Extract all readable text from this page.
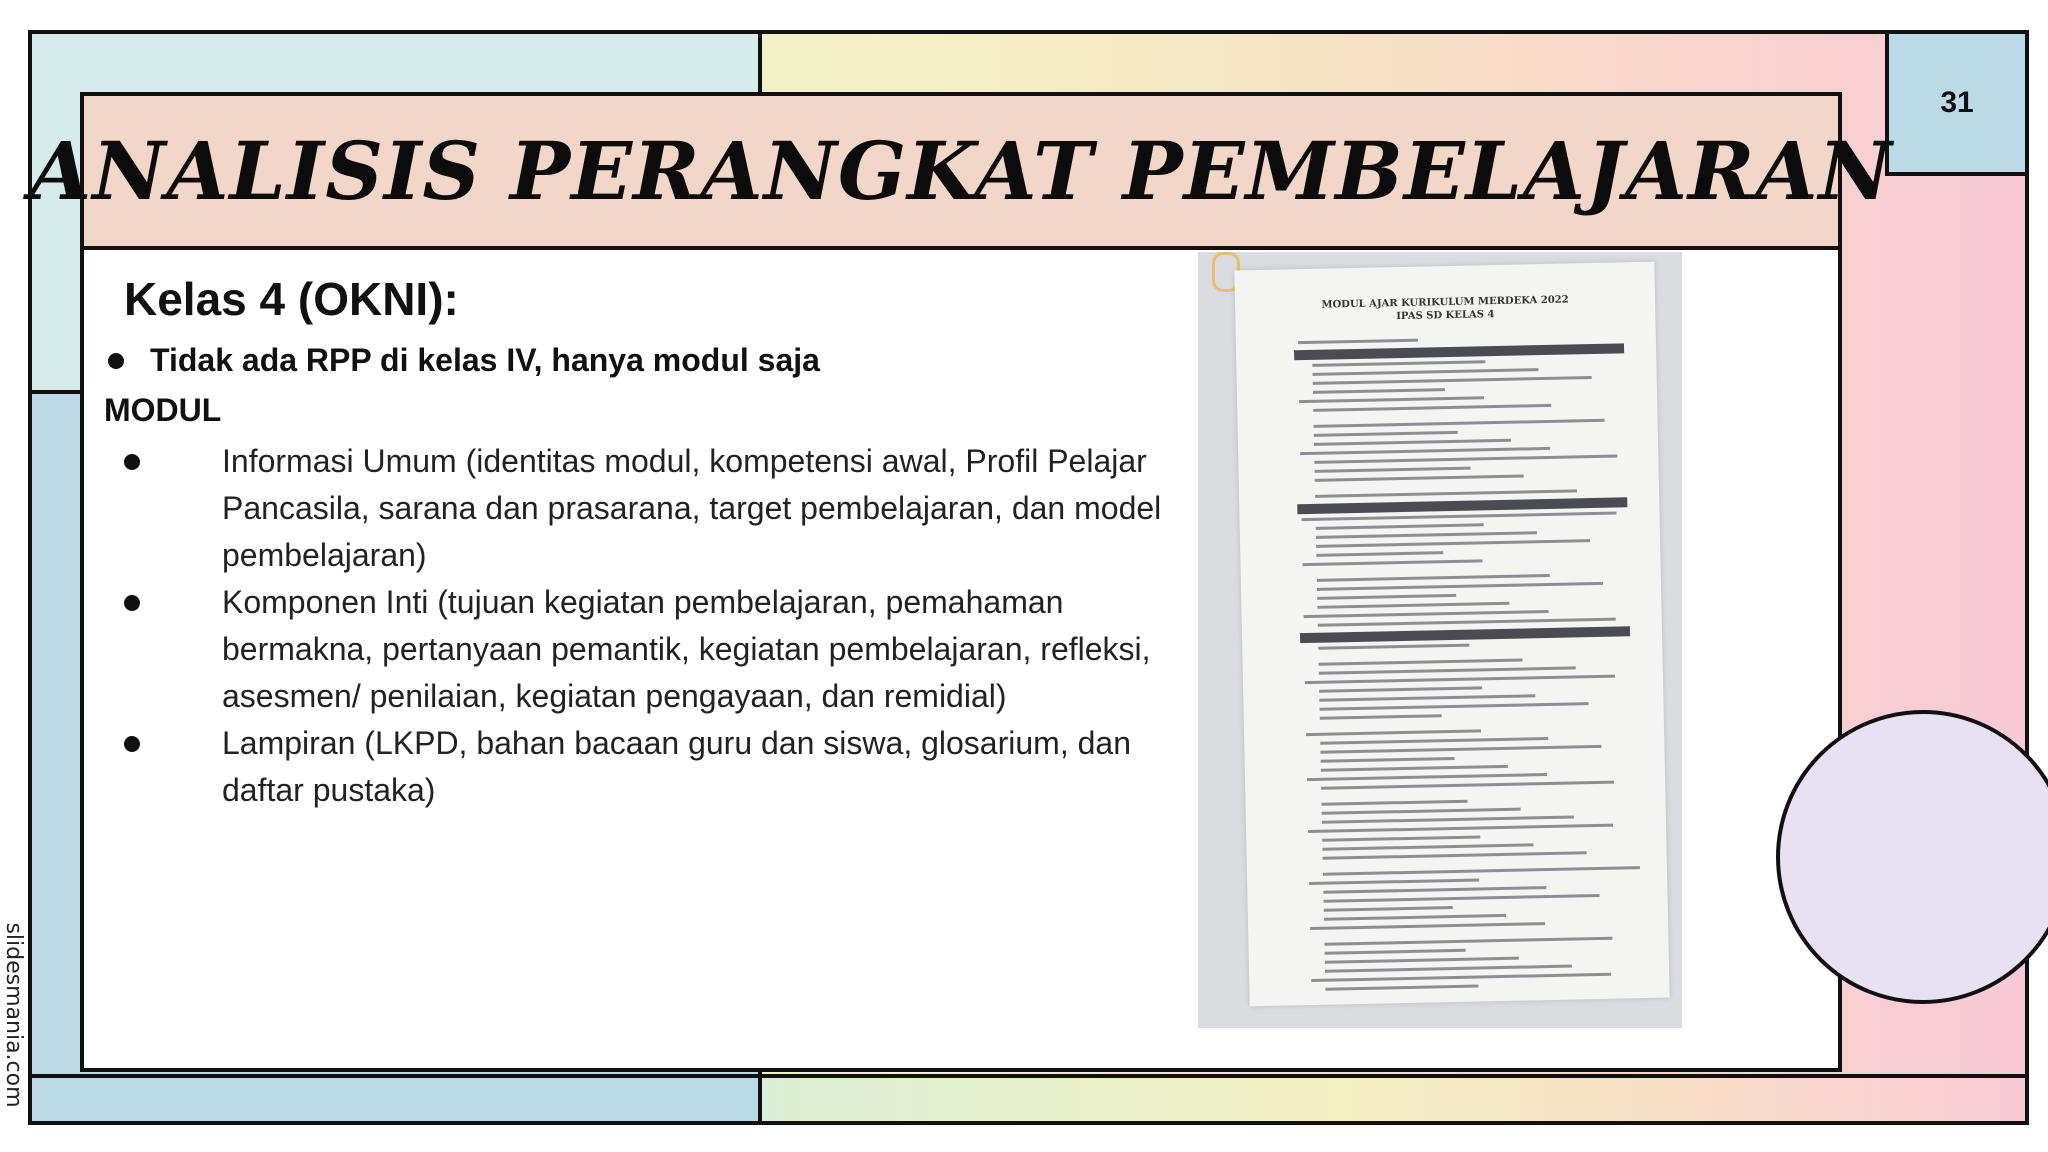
31
ANALISIS PERANGKAT PEMBELAJARAN
Kelas 4 (OKNI):
Tidak ada RPP di kelas IV, hanya modul saja
MODUL
Informasi Umum (identitas modul, kompetensi awal, Profil Pelajar Pancasila, sarana dan prasarana, target pembelajaran, dan model pembelajaran)
Komponen Inti (tujuan kegiatan pembelajaran, pemahaman bermakna, pertanyaan pemantik, kegiatan pembelajaran, refleksi, asesmen/ penilaian, kegiatan pengayaan, dan remidial)
Lampiran (LKPD, bahan bacaan guru dan siswa, glosarium, dan daftar pustaka)
MODUL AJAR KURIKULUM MERDEKA 2022 IPAS SD KELAS 4
slidesmania.com
